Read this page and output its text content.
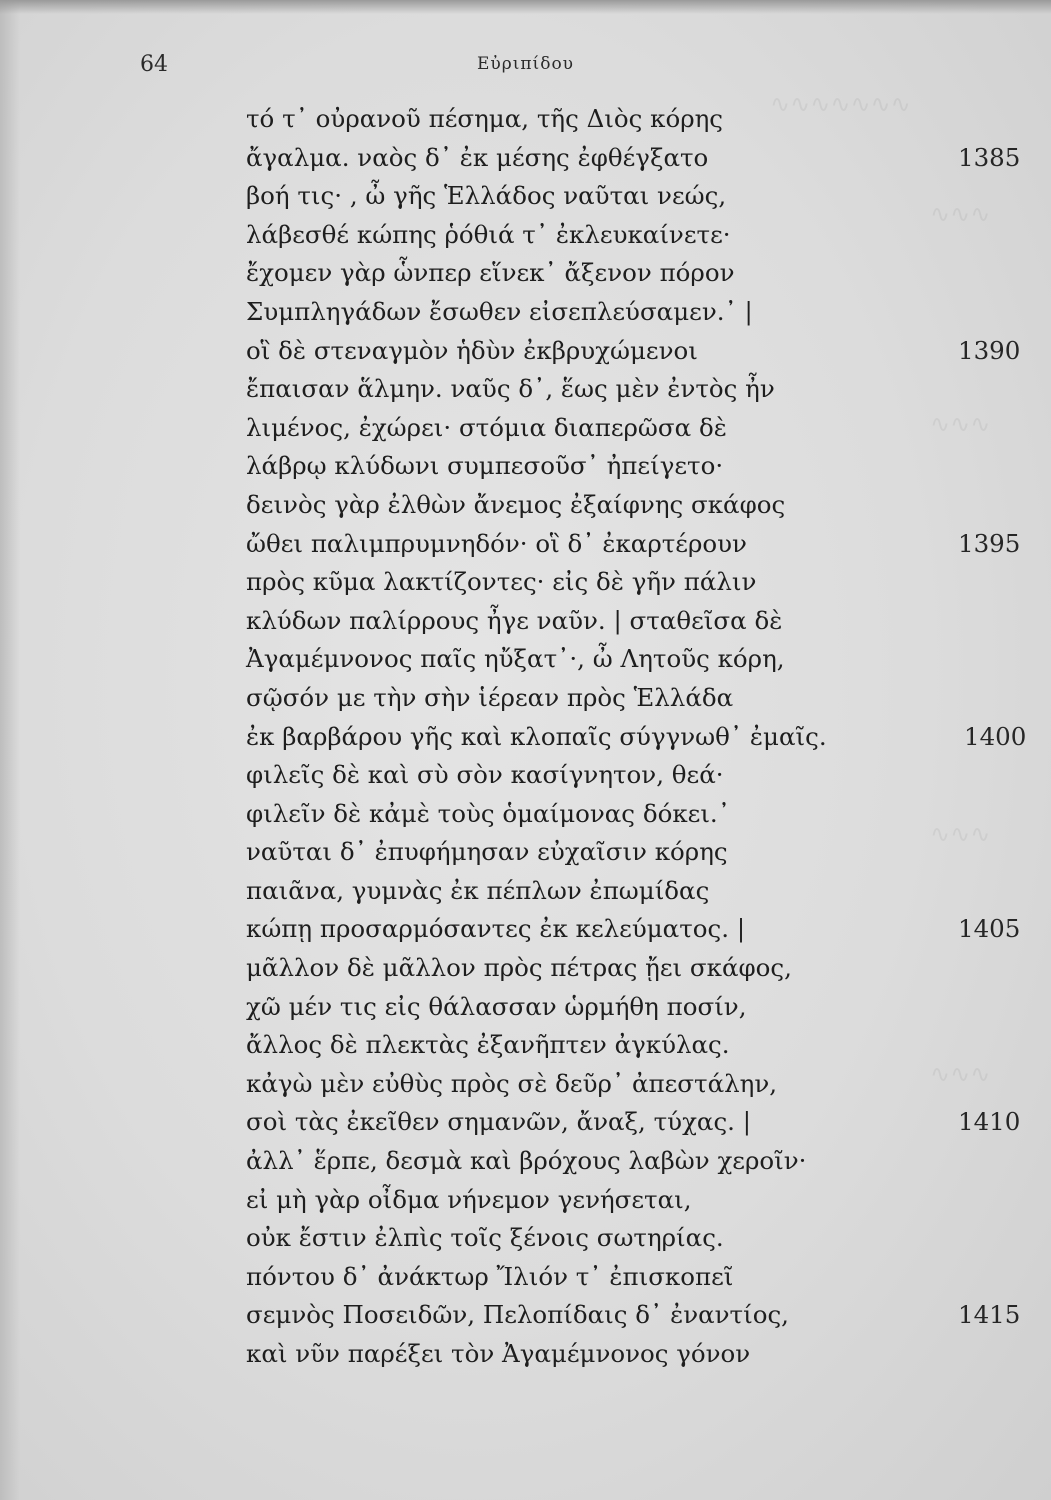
∿∿∿∿∿∿∿
∿∿∿
∿∿∿
∿∿∿
∿∿∿
64	Εὐριπίδου
τό τ᾽ οὐρανοῦ πέσημα, τῆς Διὸς κόρης
ἄγαλμα. ναὸς δ᾽ ἐκ μέσης ἐφθέγξατο	1385
βοή τις· , ὦ γῆς Ἑλλάδος ναῦται νεώς,
λάβεσθέ κώπης ῥόθιά τ᾽ ἐκλευκαίνετε·
ἔχομεν γὰρ ὧνπερ εἵνεκ᾽ ἄξενον πόρον
Συμπληγάδων ἔσωθεν εἰσεπλεύσαμεν.᾽ |
οἳ δὲ στεναγμὸν ἡδὺν ἐκβρυχώμενοι	1390
ἔπαισαν ἅλμην. ναῦς δ᾽, ἕως μὲν ἐντὸς ἦν
λιμένος, ἐχώρει· στόμια διαπερῶσα δὲ
λάβρῳ κλύδωνι συμπεσοῦσ᾽ ἠπείγετο·
δεινὸς γὰρ ἐλθὼν ἄνεμος ἐξαίφνης σκάφος
ὤθει παλιμπρυμνηδόν· οἳ δ᾽ ἐκαρτέρουν	1395
πρὸς κῦμα λακτίζοντες· εἰς δὲ γῆν πάλιν
κλύδων παλίρρους ἦγε ναῦν. | σταθεῖσα δὲ
Ἀγαμέμνονος παῖς ηὔξατ᾽·, ὦ Λητοῦς κόρη,
σῷσόν με τὴν σὴν ἱέρεαν πρὸς Ἑλλάδα
ἐκ βαρβάρου γῆς καὶ κλοπαῖς σύγγνωθ᾽ ἐμαῖς.	1400
φιλεῖς δὲ καὶ σὺ σὸν κασίγνητον, θεά·
φιλεῖν δὲ κἀμὲ τοὺς ὁμαίμονας δόκει.᾽
ναῦται δ᾽ ἐπυφήμησαν εὐχαῖσιν κόρης
παιᾶνα, γυμνὰς ἐκ πέπλων ἐπωμίδας
κώπῃ προσαρμόσαντες ἐκ κελεύματος. |	1405
μᾶλλον δὲ μᾶλλον πρὸς πέτρας ᾔει σκάφος,
χῶ μέν τις εἰς θάλασσαν ὡρμήθη ποσίν,
ἄλλος δὲ πλεκτὰς ἐξανῆπτεν ἀγκύλας.
κἀγὼ μὲν εὐθὺς πρὸς σὲ δεῦρ᾽ ἀπεστάλην,
σοὶ τὰς ἐκεῖθεν σημανῶν, ἄναξ, τύχας. |	1410
ἀλλ᾽ ἕρπε, δεσμὰ καὶ βρόχους λαβὼν χεροῖν·
εἰ μὴ γὰρ οἶδμα νήνεμον γενήσεται,
οὐκ ἔστιν ἐλπὶς τοῖς ξένοις σωτηρίας.
πόντου δ᾽ ἀνάκτωρ Ἴλιόν τ᾽ ἐπισκοπεῖ
σεμνὸς Ποσειδῶν, Πελοπίδαις δ᾽ ἐναντίος,	1415
καὶ νῦν παρέξει τὸν Ἀγαμέμνονος γόνον
